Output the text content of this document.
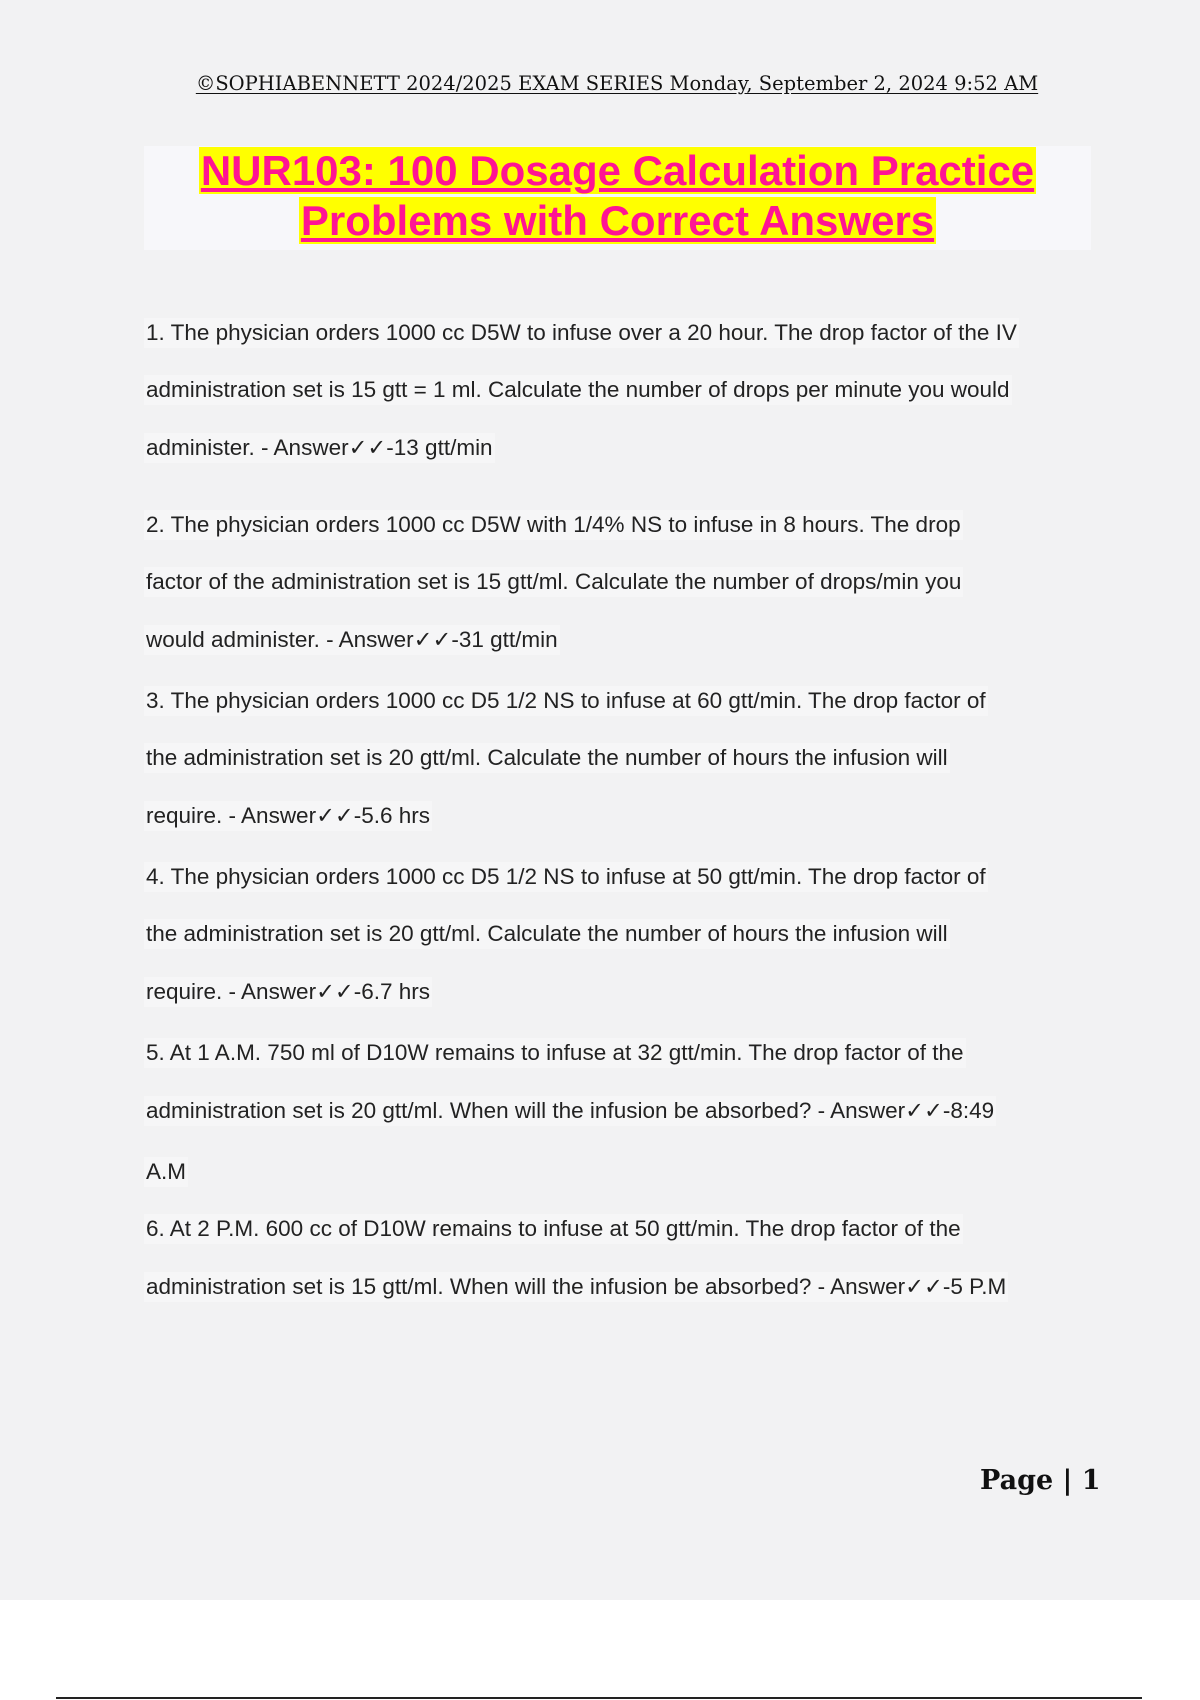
©SOPHIABENNETT 2024/2025 EXAM SERIES Monday, September 2, 2024 9:52 AM
NUR103: 100 Dosage Calculation Practice
Problems with Correct Answers
1. The physician orders 1000 cc D5W to infuse over a 20 hour. The drop factor of the IV
administration set is 15 gtt = 1 ml. Calculate the number of drops per minute you would
administer. - Answer✓✓-13 gtt/min
2. The physician orders 1000 cc D5W with 1/4% NS to infuse in 8 hours. The drop
factor of the administration set is 15 gtt/ml. Calculate the number of drops/min you
would administer. - Answer✓✓-31 gtt/min
3. The physician orders 1000 cc D5 1/2 NS to infuse at 60 gtt/min. The drop factor of
the administration set is 20 gtt/ml. Calculate the number of hours the infusion will
require. - Answer✓✓-5.6 hrs
4. The physician orders 1000 cc D5 1/2 NS to infuse at 50 gtt/min. The drop factor of
the administration set is 20 gtt/ml. Calculate the number of hours the infusion will
require. - Answer✓✓-6.7 hrs
5. At 1 A.M. 750 ml of D10W remains to infuse at 32 gtt/min. The drop factor of the
administration set is 20 gtt/ml. When will the infusion be absorbed? - Answer✓✓-8:49
A.M
6. At 2 P.M. 600 cc of D10W remains to infuse at 50 gtt/min. The drop factor of the
administration set is 15 gtt/ml. When will the infusion be absorbed? - Answer✓✓-5 P.M
Page | 1
